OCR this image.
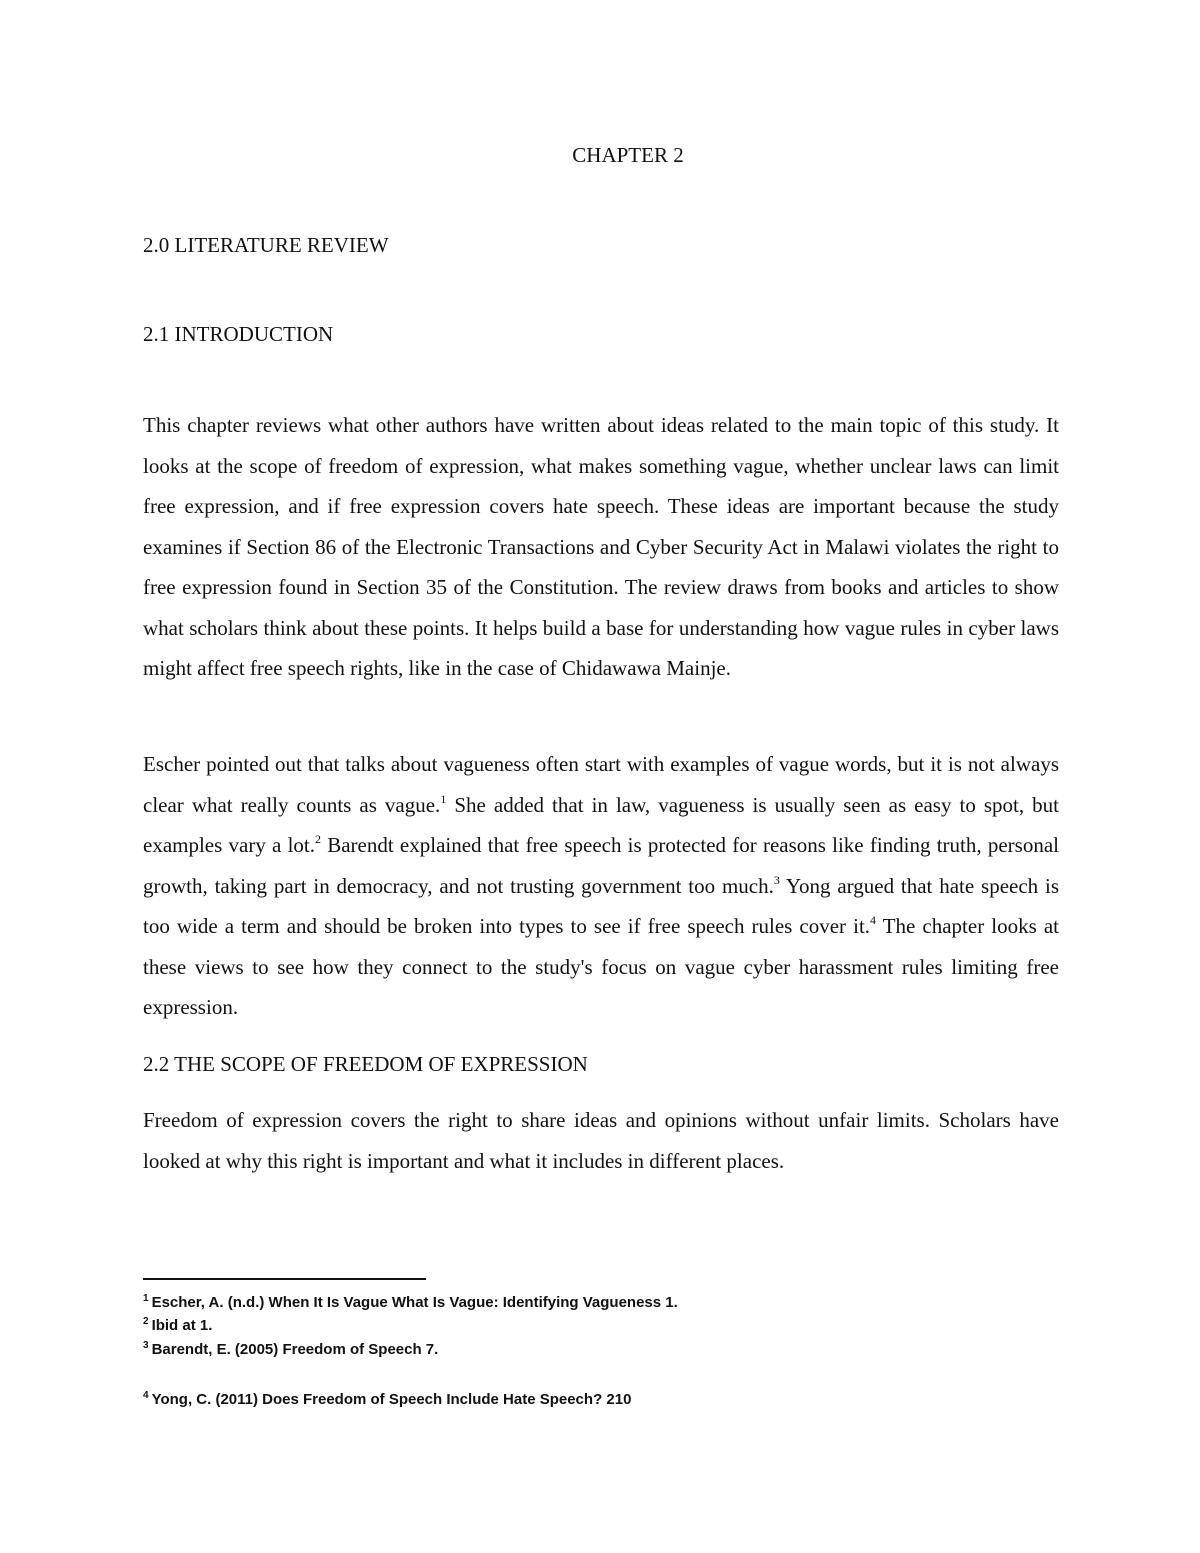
CHAPTER 2
2.0 LITERATURE REVIEW
2.1 INTRODUCTION

This chapter reviews what other authors have written about ideas related to the main topic of this study. It looks at the scope of freedom of expression, what makes something vague, whether unclear laws can limit free expression, and if free expression covers hate speech. These ideas are important because the study examines if Section 86 of the Electronic Transactions and Cyber Security Act in Malawi violates the right to free expression found in Section 35 of the Constitution. The review draws from books and articles to show what scholars think about these points. It helps build a base for understanding how vague rules in cyber laws might affect free speech rights, like in the case of Chidawawa Mainje.

Escher pointed out that talks about vagueness often start with examples of vague words, but it is not always clear what really counts as vague.$^1$ She added that in law, vagueness is usually seen as easy to spot, but examples vary a lot.$^2$ Barendt explained that free speech is protected for reasons like finding truth, personal growth, taking part in democracy, and not trusting government too much.$^3$ Yong argued that hate speech is too wide a term and should be broken into types to see if free speech rules cover it.$^4$ The chapter looks at these views to see how they connect to the study's focus on vague cyber harassment rules limiting free expression.

2.2 THE SCOPE OF FREEDOM OF EXPRESSION

Freedom of expression covers the right to share ideas and opinions without unfair limits. Scholars have looked at why this right is important and what it includes in different places.

$^1$ Escher, A. (n.d.) When It Is Vague What Is Vague: Identifying Vagueness 1.
$^2$ Ibid at 1.
$^3$ Barendt, E. (2005) Freedom of Speech 7.
$^4$ Yong, C. (2011) Does Freedom of Speech Include Hate Speech? 210
